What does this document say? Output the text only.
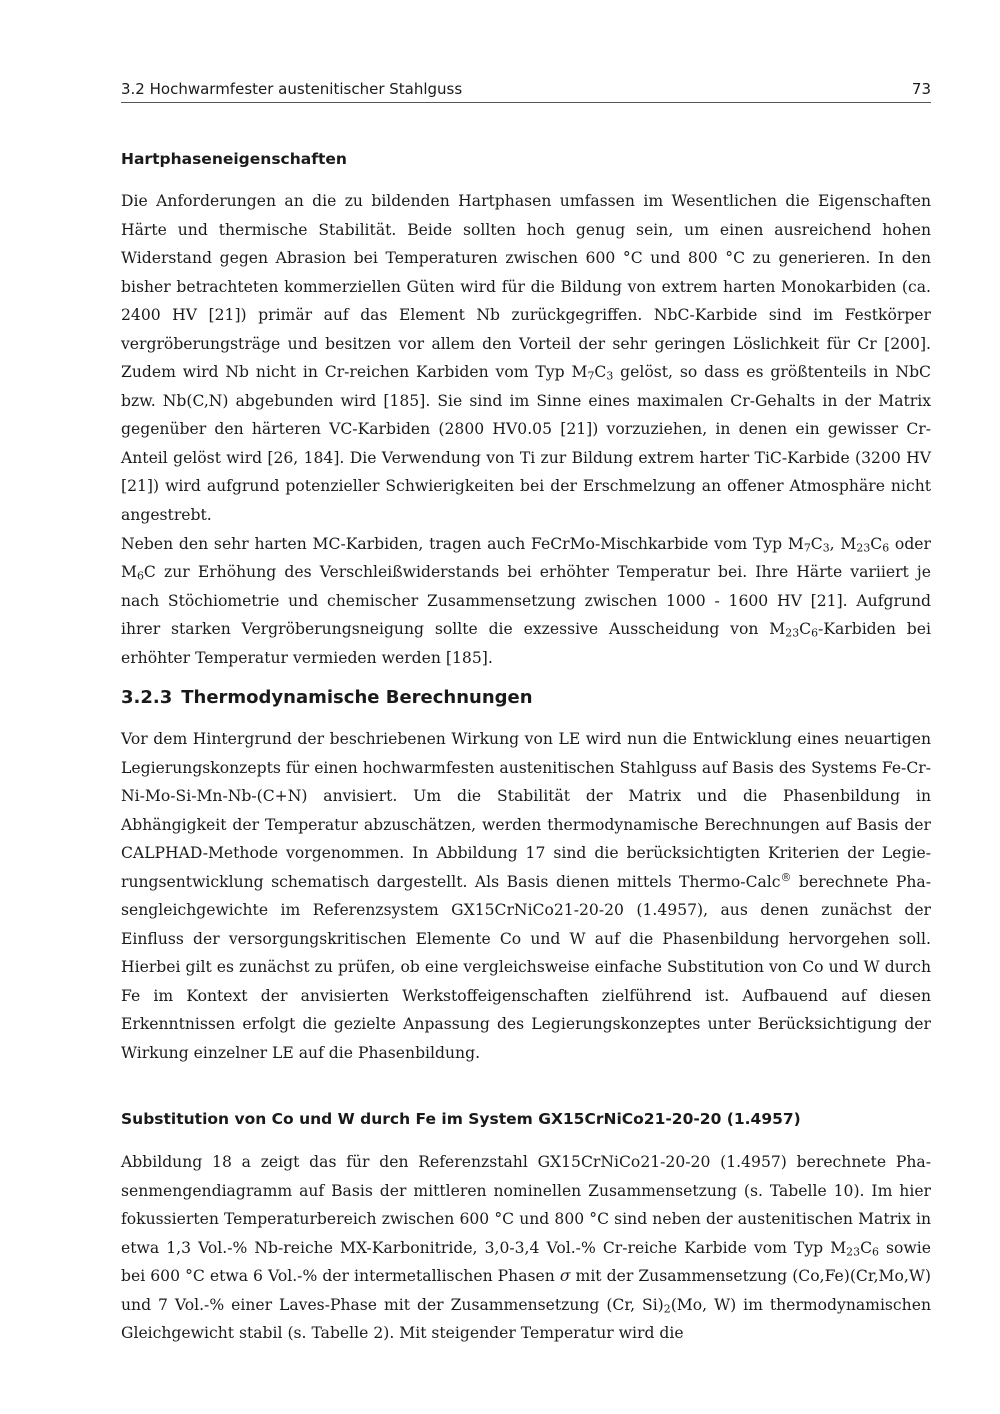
3.2 Hochwarmfester austenitischer Stahlguss	73
Hartphaseneigenschaften

Die Anforderungen an die zu bildenden Hartphasen umfassen im Wesentlichen die Eigenschaften Härte und thermische Stabilität. Beide sollten hoch genug sein, um einen ausreichend hohen Widerstand gegen Abrasion bei Temperaturen zwischen 600 °C und 800 °C zu generieren. In den bisher betrachteten kommerziellen Güten wird für die Bildung von extrem harten Monokarbiden (ca. 2400 HV [21]) primär auf das Element Nb zurückgegriffen. NbC-Karbide sind im Festkörper vergröberungsträge und besitzen vor allem den Vorteil der sehr geringen Löslichkeit für Cr [200]. Zudem wird Nb nicht in Cr-reichen Karbiden vom Typ $M_7C_3$ gelöst, so dass es größtenteils in NbC bzw. Nb(C,N) abgebunden wird [185]. Sie sind im Sinne eines maximalen Cr-Gehalts in der Matrix gegenüber den härteren VC-Karbiden (2800 HV0.05 [21]) vorzuziehen, in denen ein gewisser Cr-Anteil gelöst wird [26, 184]. Die Verwendung von Ti zur Bildung extrem harter TiC-Karbide (3200 HV [21]) wird aufgrund potenzieller Schwierigkeiten bei der Erschmelzung an offener Atmosphäre nicht angestrebt.

Neben den sehr harten MC-Karbiden, tragen auch FeCrMo-Mischkarbide vom Typ $M_7C_3$, $M_{23}C_6$ oder $M_6C$ zur Erhöhung des Verschleißwiderstands bei erhöhter Temperatur bei. Ihre Härte variiert je nach Stöchiometrie und chemischer Zusammensetzung zwischen 1000 - 1600 HV [21]. Aufgrund ihrer starken Vergröberungsneigung sollte die exzessive Ausscheidung von $M_{23}C_6$-Karbiden bei erhöhter Temperatur vermieden werden [185].

3.2.3 Thermodynamische Berechnungen

Vor dem Hintergrund der beschriebenen Wirkung von LE wird nun die Entwicklung eines neuartigen Legierungskonzepts für einen hochwarmfesten austenitischen Stahlguss auf Basis des Systems Fe-Cr-Ni-Mo-Si-Mn-Nb-(C+N) anvisiert. Um die Stabilität der Matrix und die Phasenbildung in Abhängigkeit der Temperatur abzuschätzen, werden thermodynamische Berechnungen auf Basis der CALPHAD-Methode vorgenommen. In Abbildung 17 sind die berücksichtigten Kriterien der Legierungsentwicklung schematisch dargestellt. Als Basis dienen mittels Thermo-Calc® berechnete Phasengleichgewichte im Referenzsystem GX15CrNiCo21-20-20 (1.4957), aus denen zunächst der Einfluss der versorgungskritischen Elemente Co und W auf die Phasenbildung hervorgehen soll. Hierbei gilt es zunächst zu prüfen, ob eine vergleichsweise einfache Substitution von Co und W durch Fe im Kontext der anvisierten Werkstoffeigenschaften zielführend ist. Aufbauend auf diesen Erkenntnissen erfolgt die gezielte Anpassung des Legierungskonzeptes unter Berücksichtigung der Wirkung einzelner LE auf die Phasenbildung.

Substitution von Co und W durch Fe im System GX15CrNiCo21-20-20 (1.4957)

Abbildung 18 a zeigt das für den Referenzstahl GX15CrNiCo21-20-20 (1.4957) berechnete Phasenmengendiagramm auf Basis der mittleren nominellen Zusammensetzung (s. Tabelle 10). Im hier fokussierten Temperaturbereich zwischen 600 °C und 800 °C sind neben der austenitischen Matrix in etwa 1,3 Vol.-% Nb-reiche MX-Karbonitride, 3,0-3,4 Vol.-% Cr-reiche Karbide vom Typ $M_{23}C_6$ sowie bei 600 °C etwa 6 Vol.-% der intermetallischen Phasen σ mit der Zusammensetzung (Co,Fe)(Cr,Mo,W) und 7 Vol.-% einer Laves-Phase mit der Zusammensetzung (Cr, $Si)_2(Mo$, W) im thermodynamischen Gleichgewicht stabil (s. Tabelle 2). Mit steigender Temperatur wird die
